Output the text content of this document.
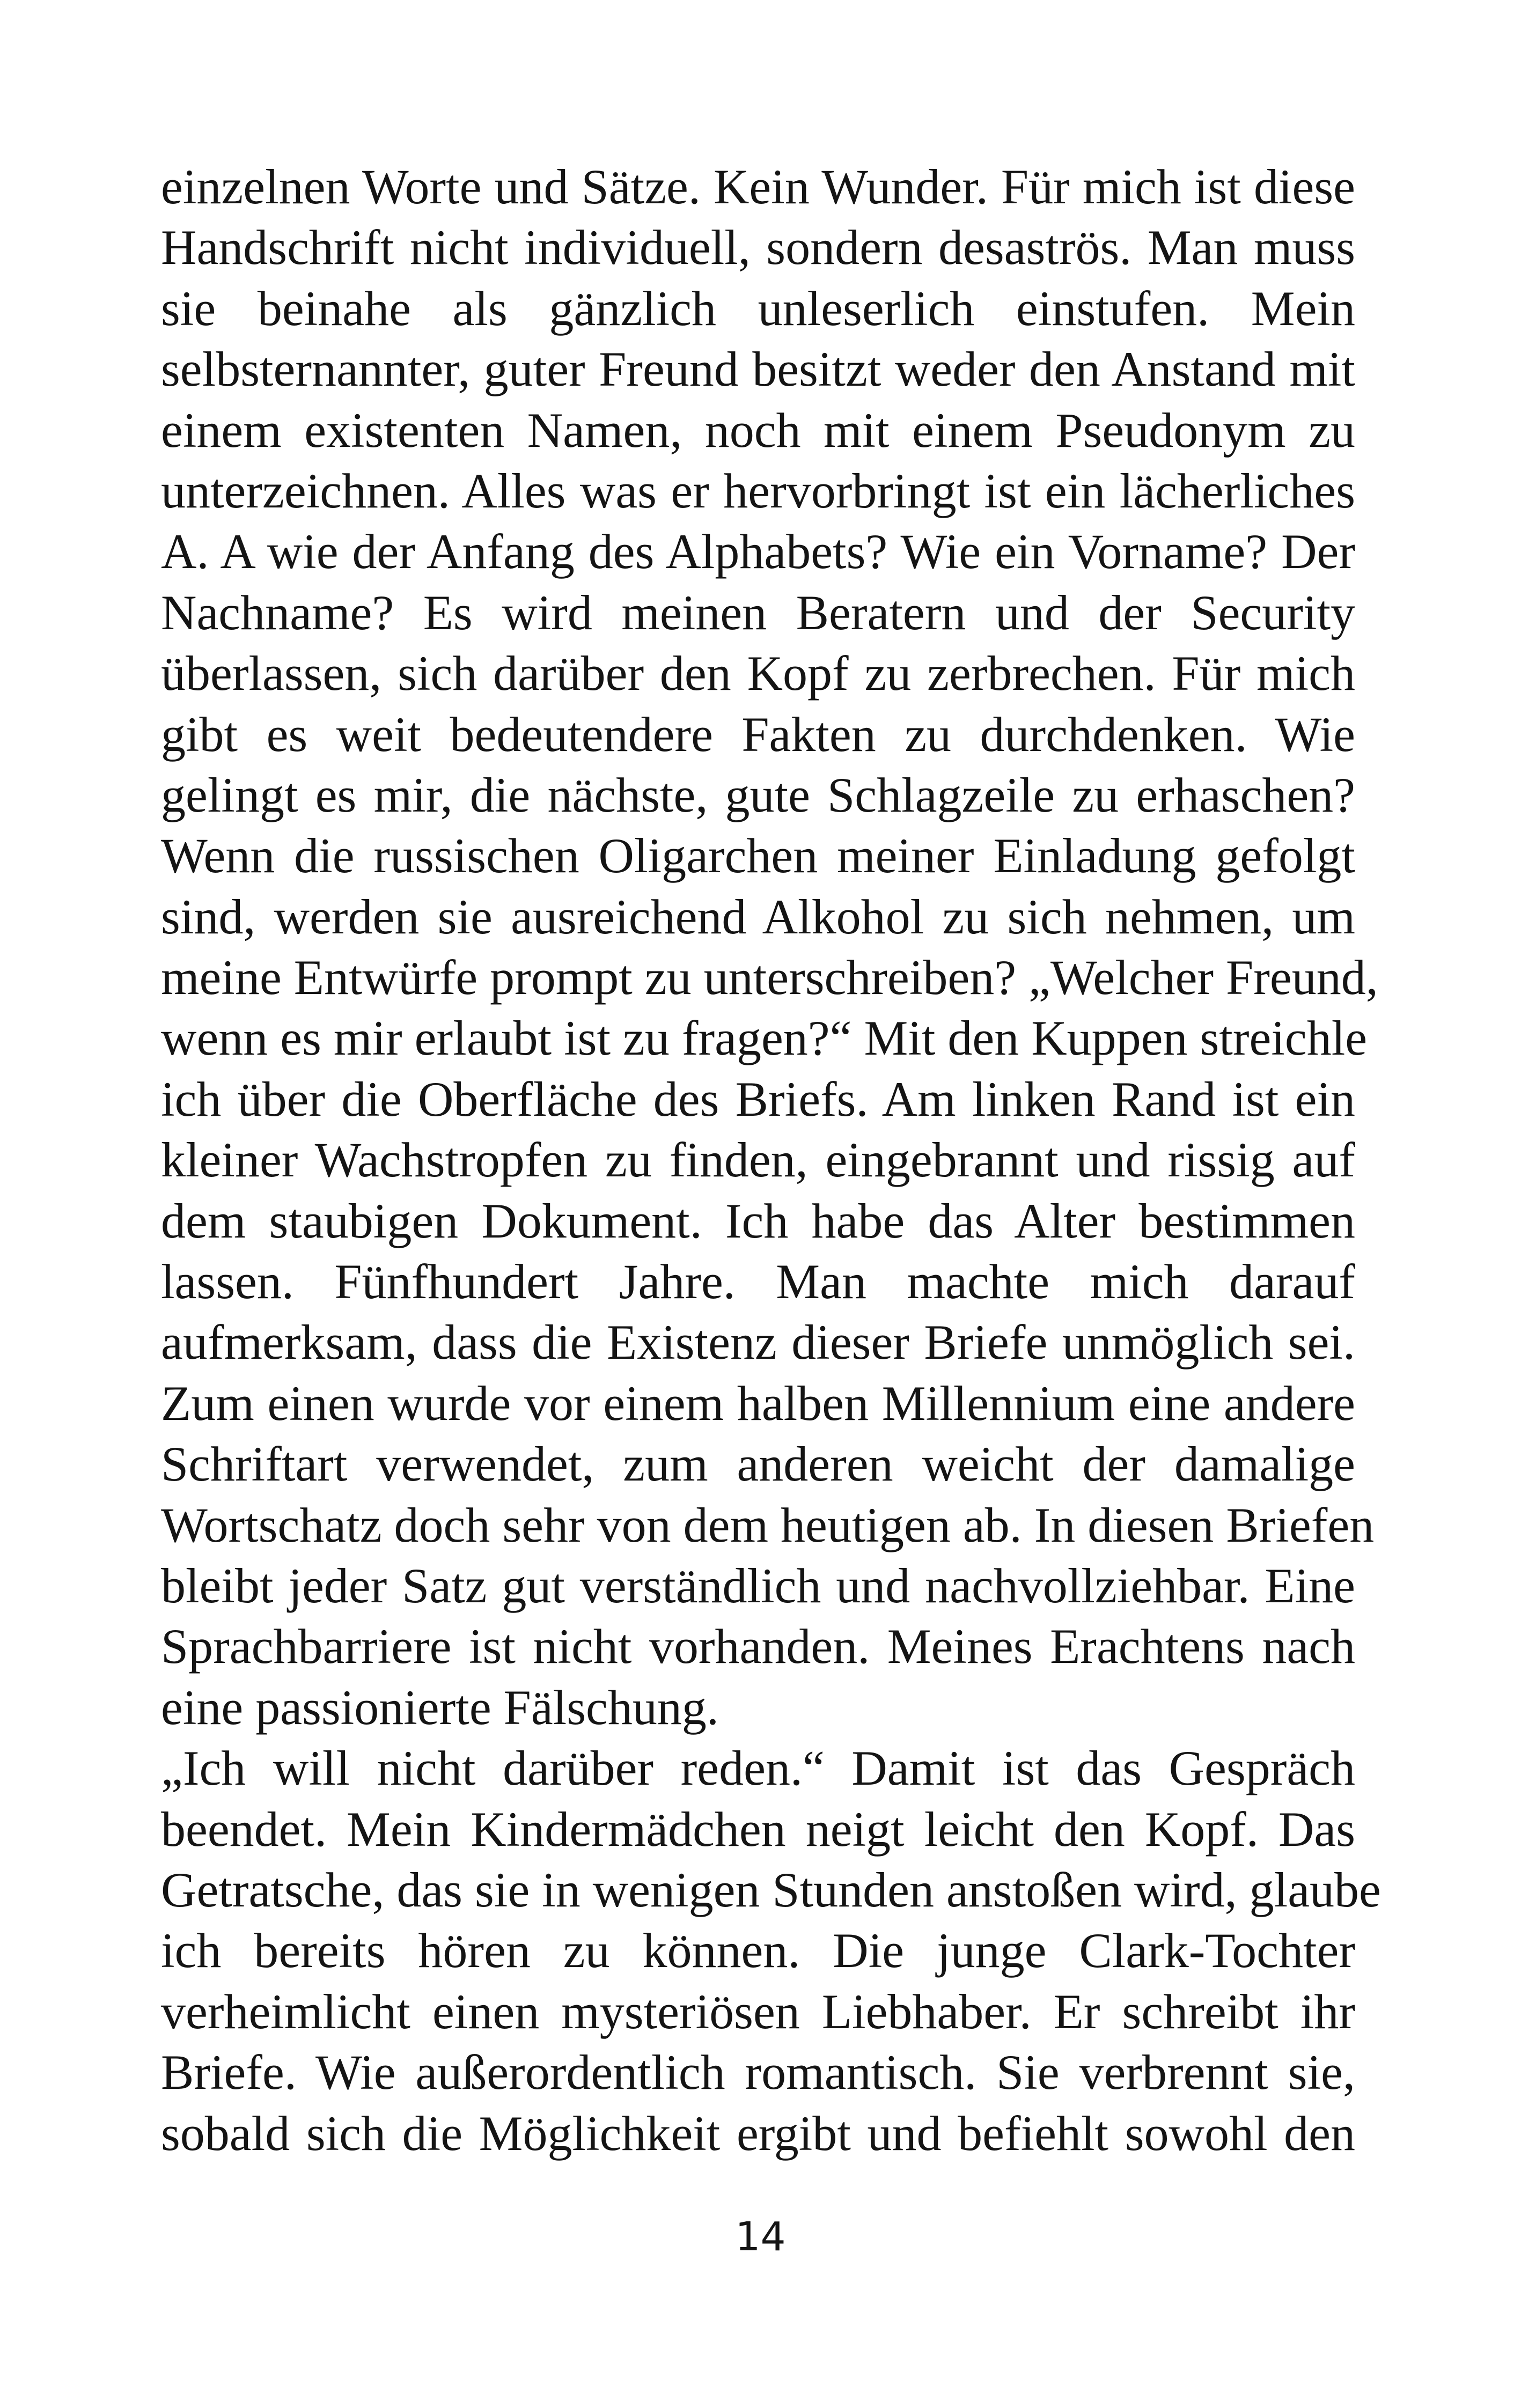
einzelnen Worte und Sätze. Kein Wunder. Für mich ist diese
Handschrift nicht individuell, sondern desaströs. Man muss
sie beinahe als gänzlich unleserlich einstufen. Mein
selbsternannter, guter Freund besitzt weder den Anstand mit
einem existenten Namen, noch mit einem Pseudonym zu
unterzeichnen. Alles was er hervorbringt ist ein lächerliches
A. A wie der Anfang des Alphabets? Wie ein Vorname? Der
Nachname? Es wird meinen Beratern und der Security
überlassen, sich darüber den Kopf zu zerbrechen. Für mich
gibt es weit bedeutendere Fakten zu durchdenken. Wie
gelingt es mir, die nächste, gute Schlagzeile zu erhaschen?
Wenn die russischen Oligarchen meiner Einladung gefolgt
sind, werden sie ausreichend Alkohol zu sich nehmen, um
meine Entwürfe prompt zu unterschreiben? „Welcher Freund,
wenn es mir erlaubt ist zu fragen?“ Mit den Kuppen streichle
ich über die Oberfläche des Briefs. Am linken Rand ist ein
kleiner Wachstropfen zu finden, eingebrannt und rissig auf
dem staubigen Dokument. Ich habe das Alter bestimmen
lassen. Fünfhundert Jahre. Man machte mich darauf
aufmerksam, dass die Existenz dieser Briefe unmöglich sei.
Zum einen wurde vor einem halben Millennium eine andere
Schriftart verwendet, zum anderen weicht der damalige
Wortschatz doch sehr von dem heutigen ab. In diesen Briefen
bleibt jeder Satz gut verständlich und nachvollziehbar. Eine
Sprachbarriere ist nicht vorhanden. Meines Erachtens nach
eine passionierte Fälschung.
„Ich will nicht darüber reden.“ Damit ist das Gespräch
beendet. Mein Kindermädchen neigt leicht den Kopf. Das
Getratsche, das sie in wenigen Stunden anstoßen wird, glaube
ich bereits hören zu können. Die junge Clark-Tochter
verheimlicht einen mysteriösen Liebhaber. Er schreibt ihr
Briefe. Wie außerordentlich romantisch. Sie verbrennt sie,
sobald sich die Möglichkeit ergibt und befiehlt sowohl den
14
